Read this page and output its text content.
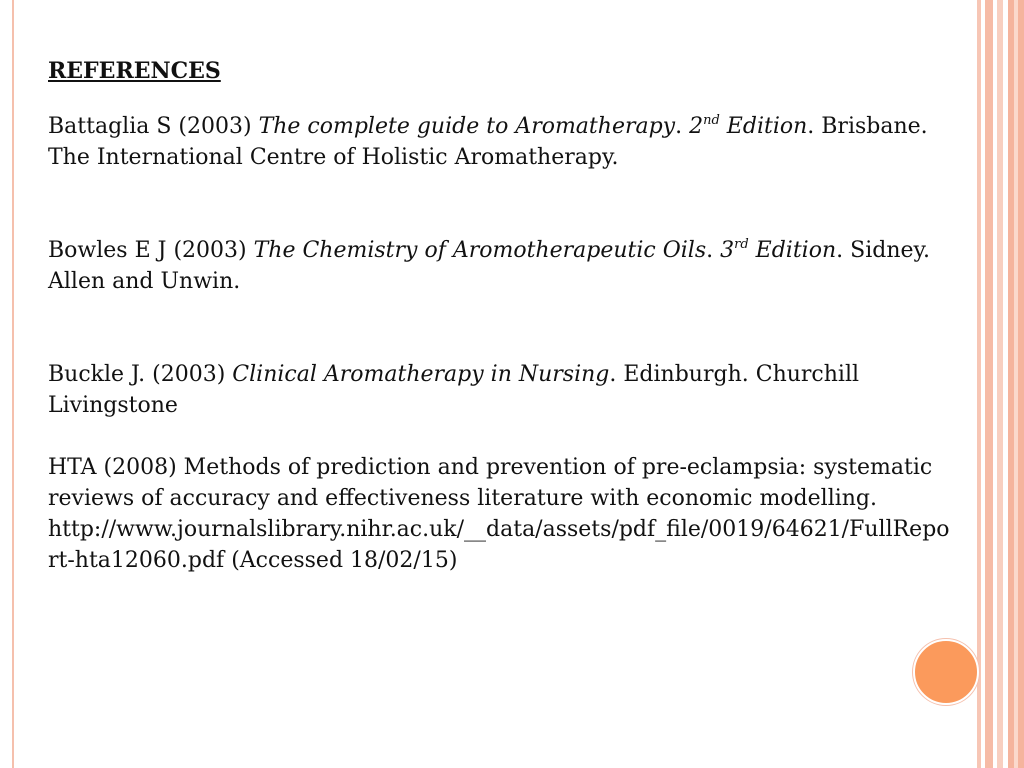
REFERENCES

Battaglia S (2003) The complete guide to Aromatherapy. 2nd Edition. Brisbane. The International Centre of Holistic Aromatherapy.

Bowles E J (2003) The Chemistry of Aromotherapeutic Oils. 3rd Edition. Sidney. Allen and Unwin.

Buckle J. (2003) Clinical Aromatherapy in Nursing. Edinburgh. Churchill Livingstone

HTA (2008) Methods of prediction and prevention of pre-eclampsia: systematic reviews of accuracy and effectiveness literature with economic modelling.
http://www.journalslibrary.nihr.ac.uk/__data/assets/pdf_file/0019/64621/FullReport-hta12060.pdf (Accessed 18/02/15)
